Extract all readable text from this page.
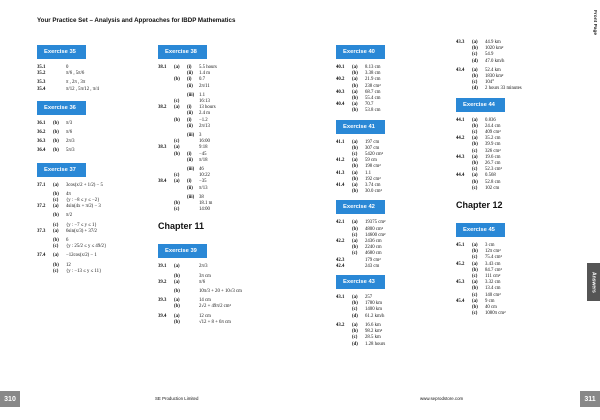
Your Practice Set – Analysis and Approaches for IBDP Mathematics	Front Page
Answers
Exercise 35
35.1	0
35.2	π/6 , 5π/6
35.3	π , 2π , 3π
35.4	π/12 , 5π/12 , π/4
Exercise 36
36.1	(b)	π/3
36.2	(b)	π/6
36.3	(b)	2π/3
36.4	(b)	5π/3
Exercise 37
37.1	(a)	3cos(x/2 + 1/2) − 5
(b)	4π
(c)	{y : −8 ≤ y ≤ −2}
37.2	(a)	4sin(4x + π/2) − 3
(b)	π/2
(c)	{y : −7 ≤ y ≤ 1}
37.3	(a)	6sin(x/3) + 37/2
(b)	6
(c)	{y : 25/2 ≤ y ≤ 49/2}
37.4	(a)	−12cos(x/2) − 1
(b)	12
(c)	{y : −13 ≤ y ≤ 11}
Exercise 38
38.1	(a)	(i)	5.5 hours
(ii)	1.4 m
(b)	(i)	0.7
(ii)	2π/11
(iii) 1.1
(c)	16:13
38.2	(a)	(i)	13 hours
(ii)	2.4 m
(b)	(i)	−1.2
(ii)	2π/13
(iii) 3
(c)	16:00
38.3	(a)	9:18
(b)	(i)	−45
(ii)	π/18
(iii) 46
(c)	10:22
38.4	(a)	(i)	−35
(ii)	π/13
(iii) 38
(b)	18.1 m
(c)	14:00
Chapter 11
Exercise 39
39.1	(a)	2π/3
(b)	3π cm
39.2	(a)	π/6
(b)	10π/3 + 20 + 10√3 cm
39.3	(a)	14 cm
(b)	2√2 + 49π/2 cm²
39.4	(a)	12 cm
(b)	√12 + 8 + 6π cm
Exercise 40
40.1	(a)	8.13 cm
(b)	3.38 cm
40.2	(a)	21.9 cm
(b)	238 cm²
40.3	(a)	68.7 cm
(b)	55.4 cm
40.4	(a)	70.7
(b)	53.8 cm
Exercise 41
41.1	(a)	197 cm
(b)	307 cm
(c)	5420 cm²
41.2	(a)	59 cm
(b)	198 cm²
41.3	(a)	1.1
(b)	192 cm²
41.4	(a)	3.74 cm
(b)	30.0 cm²
Exercise 42
42.1	(a)	19375 cm²
(b)	4800 cm²
(c)	14600 cm²
42.2	(a)	2436 cm
(b)	2240 cm
(c)	4680 cm
42.3	179 cm²
42.4	243 cm
Exercise 43
43.1	(a)	257
(b)	1780 km
(c)	1400 km
(d)	61.2 km/h
43.2	(a)	16.6 km
(b)	98.2 km²
(c)	28.5 km
(d)	1.28 hours
43.3	(a)	44.9 km
(b)	1020 km²
(c)	54.9
(d)	47.0 km/h
43.4	(a)	52.4 km
(b)	1830 km²
(c)	104°
(d)	2 hours 33 minutes
Exercise 44
44.1	(a)	0.836
(b)	24.4 cm
(c)	409 cm²
44.2	(a)	35.2 cm
(b)	39.9 cm
(c)	326 cm²
44.3	(a)	19.6 cm
(b)	26.7 cm
(c)	52.3 cm²
44.4	(a)	0.568
(b)	52.8 cm
(c)	102 cm
Chapter 12
Exercise 45
45.1	(a)	3 cm
(b)	12π cm²
(c)	75.4 cm²
45.2	(a)	3.43 cm
(b)	84.7 cm²
(c)	111 cm²
45.3	(a)	3.32 cm
(b)	13.4 cm
(c)	140 cm²
45.4	(a)	9 cm
(b)	40 cm
(c)	1080π cm²
310	SE Production Limited	www.seprodstore.com	311
